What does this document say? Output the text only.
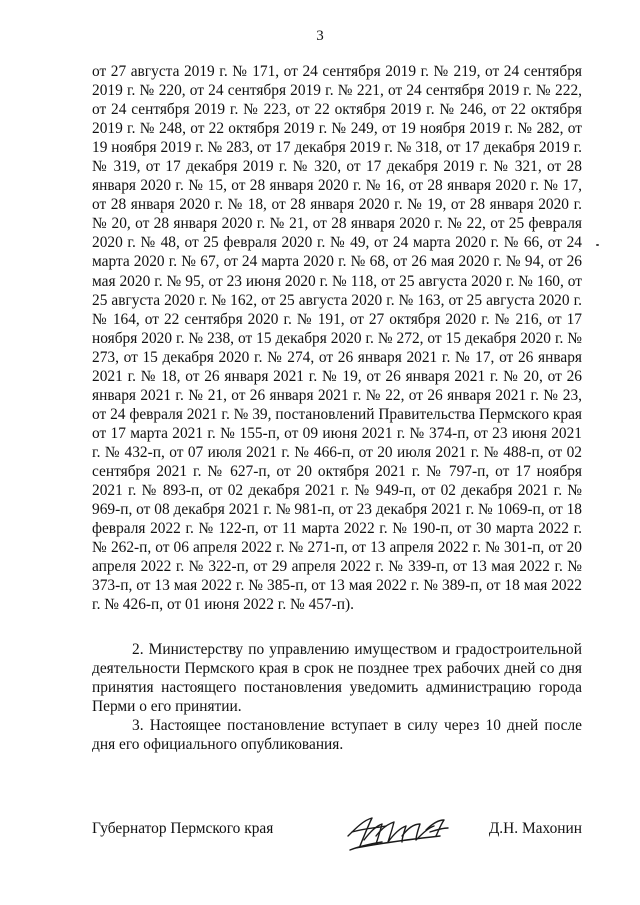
3
от 27 августа 2019 г. № 171, от 24 сентября 2019 г. № 219, от 24 сентября 2019 г. № 220, от 24 сентября 2019 г. № 221, от 24 сентября 2019 г. № 222, от 24 сентября 2019 г. № 223, от 22 октября 2019 г. № 246, от 22 октября 2019 г. № 248, от 22 октября 2019 г. № 249, от 19 ноября 2019 г. № 282, от 19 ноября 2019 г. № 283, от 17 декабря 2019 г. № 318, от 17 декабря 2019 г. № 319, от 17 декабря 2019 г. № 320, от 17 декабря 2019 г. № 321, от 28 января 2020 г. № 15, от 28 января 2020 г. № 16, от 28 января 2020 г. № 17, от 28 января 2020 г. № 18, от 28 января 2020 г. № 19, от 28 января 2020 г. № 20, от 28 января 2020 г. № 21, от 28 января 2020 г. № 22, от 25 февраля 2020 г. № 48, от 25 февраля 2020 г. № 49, от 24 марта 2020 г. № 66, от 24 марта 2020 г. № 67, от 24 марта 2020 г. № 68, от 26 мая 2020 г. № 94, от 26 мая 2020 г. № 95, от 23 июня 2020 г. № 118, от 25 августа 2020 г. № 160, от 25 августа 2020 г. № 162, от 25 августа 2020 г. № 163, от 25 августа 2020 г. № 164, от 22 сентября 2020 г. № 191, от 27 октября 2020 г. № 216, от 17 ноября 2020 г. № 238, от 15 декабря 2020 г. № 272, от 15 декабря 2020 г. № 273, от 15 декабря 2020 г. № 274, от 26 января 2021 г. № 17, от 26 января 2021 г. № 18, от 26 января 2021 г. № 19, от 26 января 2021 г. № 20, от 26 января 2021 г. № 21, от 26 января 2021 г. № 22, от 26 января 2021 г. № 23, от 24 февраля 2021 г. № 39, постановлений Правительства Пермского края от 17 марта 2021 г. № 155-п, от 09 июня 2021 г. № 374-п, от 23 июня 2021 г. № 432-п, от 07 июля 2021 г. № 466-п, от 20 июля 2021 г. № 488-п, от 02 сентября 2021 г. № 627-п, от 20 октября 2021 г. № 797-п, от 17 ноября 2021 г. № 893-п, от 02 декабря 2021 г. № 949-п, от 02 декабря 2021 г. № 969-п, от 08 декабря 2021 г. № 981-п, от 23 декабря 2021 г. № 1069-п, от 18 февраля 2022 г. № 122-п, от 11 марта 2022 г. № 190-п, от 30 марта 2022 г. № 262-п, от 06 апреля 2022 г. № 271-п, от 13 апреля 2022 г. № 301-п, от 20 апреля 2022 г. № 322-п, от 29 апреля 2022 г. № 339-п, от 13 мая 2022 г. № 373-п, от 13 мая 2022 г. № 385-п, от 13 мая 2022 г. № 389-п, от 18 мая 2022 г. № 426-п, от 01 июня 2022 г. № 457-п).
2. Министерству по управлению имуществом и градостроительной деятельности Пермского края в срок не позднее трех рабочих дней со дня принятия настоящего постановления уведомить администрацию города Перми о его принятии.
3. Настоящее постановление вступает в силу через 10 дней после дня его официального опубликования.
Губернатор Пермского края	Д.Н. Махонин
